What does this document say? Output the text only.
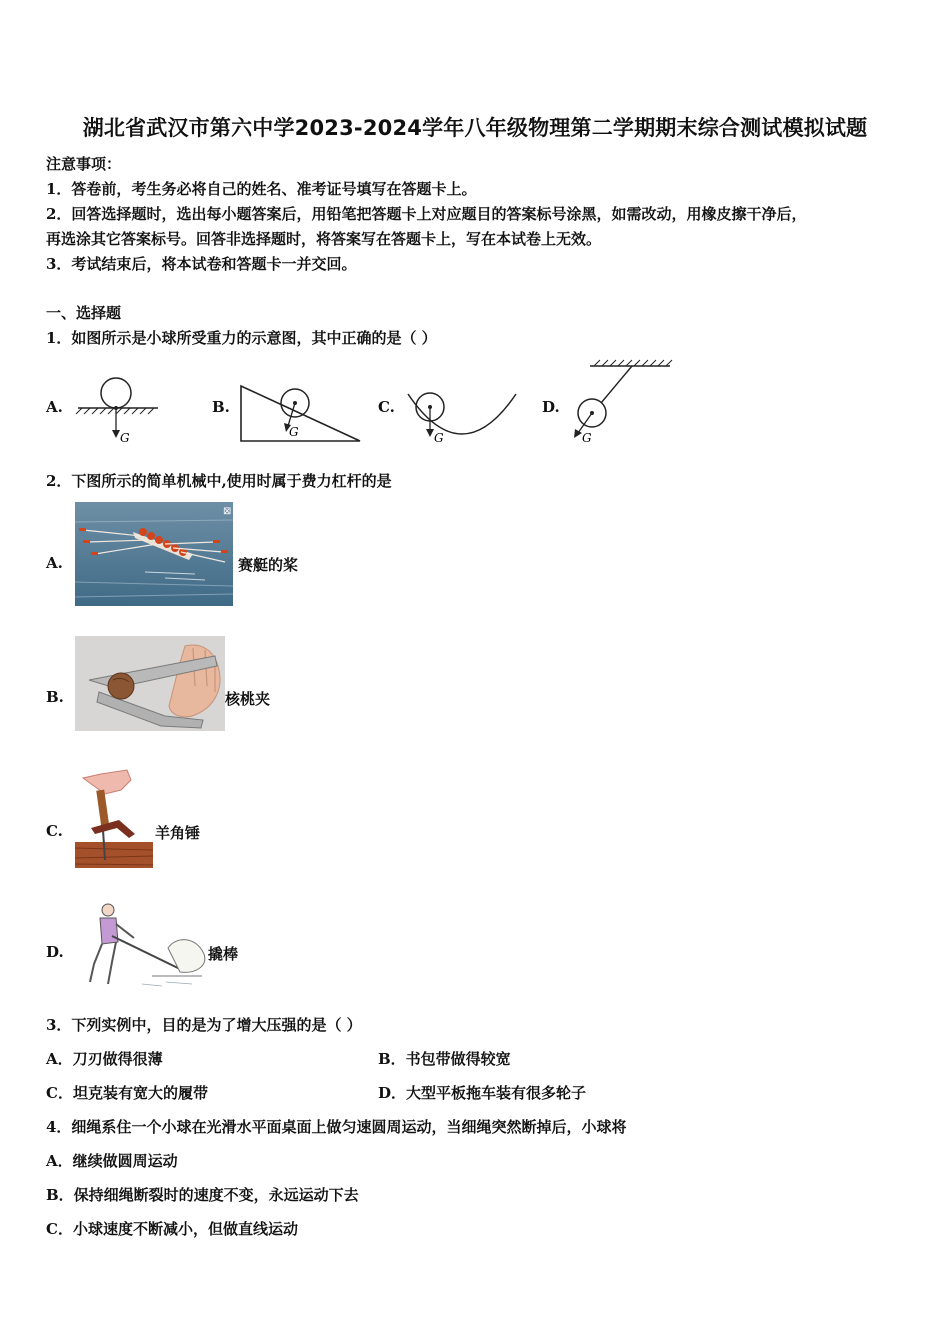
湖北省武汉市第六中学2023-2024学年八年级物理第二学期期末综合测试模拟试题
注意事项：
1．答卷前，考生务必将自己的姓名、准考证号填写在答题卡上。
2．回答选择题时，选出每小题答案后，用铅笔把答题卡上对应题目的答案标号涂黑，如需改动，用橡皮擦干净后，
再选涂其它答案标号。回答非选择题时，将答案写在答题卡上，写在本试卷上无效。
3．考试结束后，将本试卷和答题卡一并交回。
一、选择题
1．如图所示是小球所受重力的示意图，其中正确的是（ ）
A.
G
B.
G
C.
G
D.
G
2．下图所示的简单机械中,使用时属于费力杠杆的是
A.
⊠
赛艇的桨
B.	核桃夹
C.	羊角锤
D.	撬棒
3．下列实例中，目的是为了增大压强的是（ ）
A．刀刃做得很薄	B．书包带做得较宽
C．坦克装有宽大的履带	D．大型平板拖车装有很多轮子
4．细绳系住一个小球在光滑水平面桌面上做匀速圆周运动，当细绳突然断掉后，小球将
A．继续做圆周运动
B．保持细绳断裂时的速度不变，永远运动下去
C．小球速度不断减小，但做直线运动
